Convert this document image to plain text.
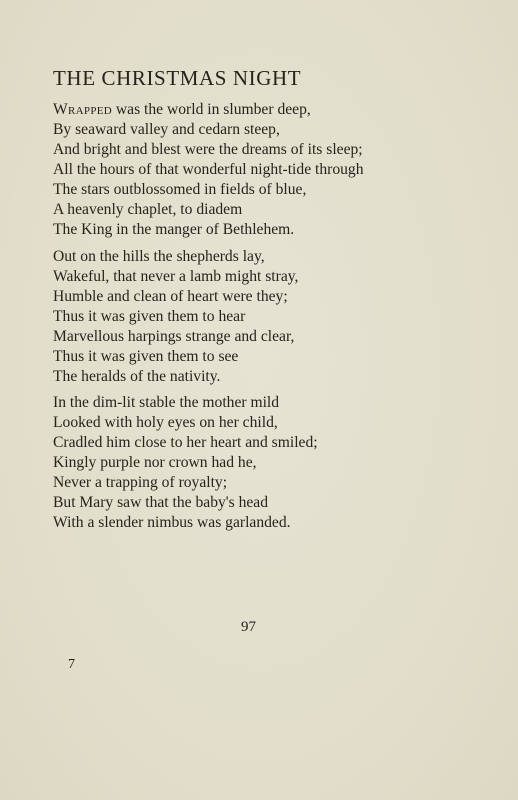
THE CHRISTMAS NIGHT
Wrapped was the world in slumber deep,
By seaward valley and cedarn steep,
And bright and blest were the dreams of its sleep;
All the hours of that wonderful night-tide through
The stars outblossomed in fields of blue,
A heavenly chaplet, to diadem
The King in the manger of Bethlehem.
Out on the hills the shepherds lay,
Wakeful, that never a lamb might stray,
Humble and clean of heart were they;
Thus it was given them to hear
Marvellous harpings strange and clear,
Thus it was given them to see
The heralds of the nativity.
In the dim-lit stable the mother mild
Looked with holy eyes on her child,
Cradled him close to her heart and smiled;
Kingly purple nor crown had he,
Never a trapping of royalty;
But Mary saw that the baby's head
With a slender nimbus was garlanded.
97
7
